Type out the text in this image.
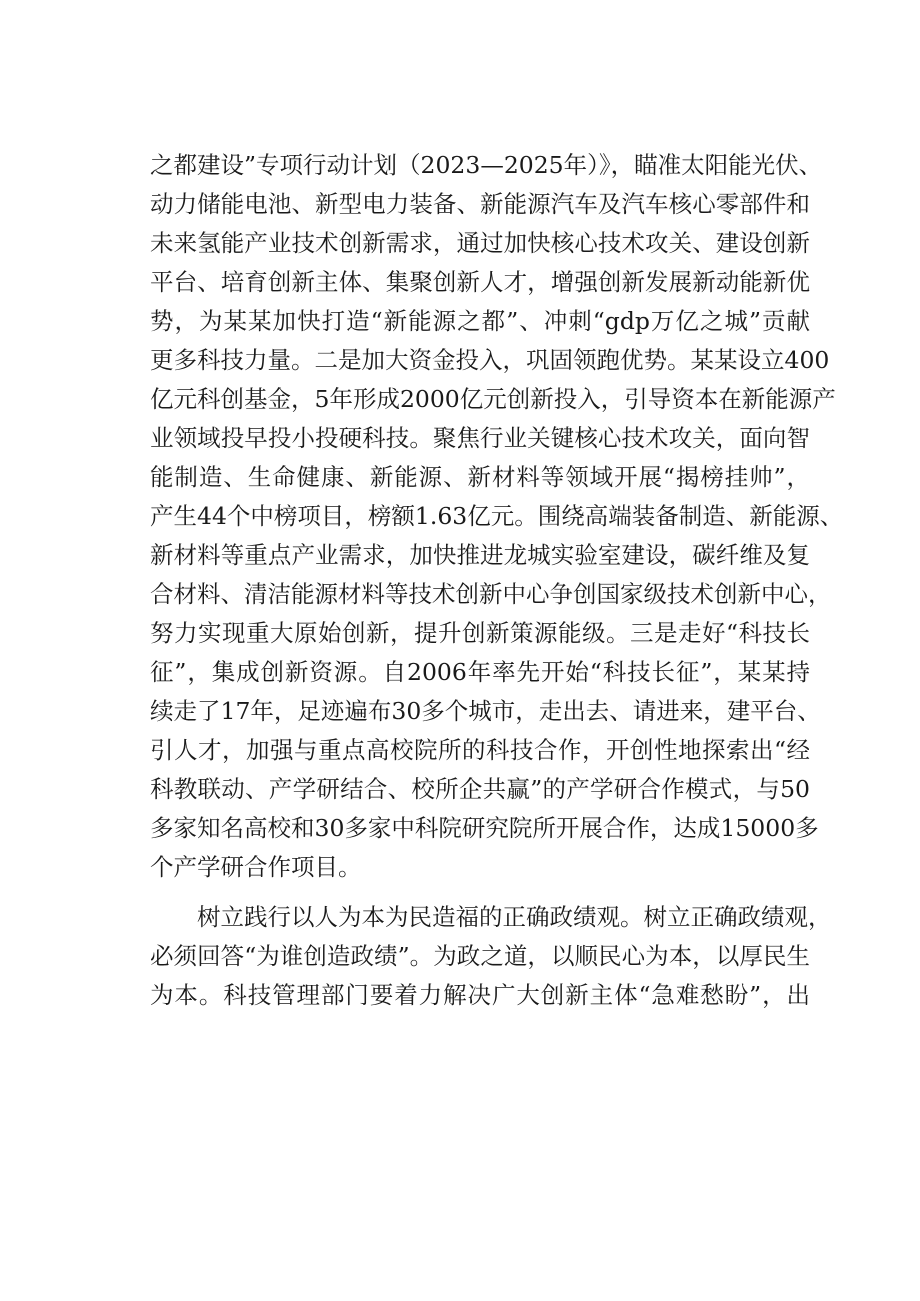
之都建设”专项行动计划（2023—2025年）》，瞄准太阳能光伏、
动力储能电池、新型电力装备、新能源汽车及汽车核心零部件和
未来氢能产业技术创新需求，通过加快核心技术攻关、建设创新
平台、培育创新主体、集聚创新人才，增强创新发展新动能新优
势，为某某加快打造“新能源之都”、冲刺“gdp万亿之城”贡献
更多科技力量。二是加大资金投入，巩固领跑优势。某某设立400
亿元科创基金，5年形成2000亿元创新投入，引导资本在新能源产
业领域投早投小投硬科技。聚焦行业关键核心技术攻关，面向智
能制造、生命健康、新能源、新材料等领域开展“揭榜挂帅”，
产生44个中榜项目，榜额1.63亿元。围绕高端装备制造、新能源、
新材料等重点产业需求，加快推进龙城实验室建设，碳纤维及复
合材料、清洁能源材料等技术创新中心争创国家级技术创新中心，
努力实现重大原始创新，提升创新策源能级。三是走好“科技长
征”，集成创新资源。自2006年率先开始“科技长征”，某某持
续走了17年，足迹遍布30多个城市，走出去、请进来，建平台、
引人才，加强与重点高校院所的科技合作，开创性地探索出“经
科教联动、产学研结合、校所企共赢”的产学研合作模式，与50
多家知名高校和30多家中科院研究院所开展合作，达成15000多
个产学研合作项目。
树立践行以人为本为民造福的正确政绩观。树立正确政绩观，
必须回答“为谁创造政绩”。为政之道，以顺民心为本，以厚民生
为本。科技管理部门要着力解决广大创新主体“急难愁盼”，出
